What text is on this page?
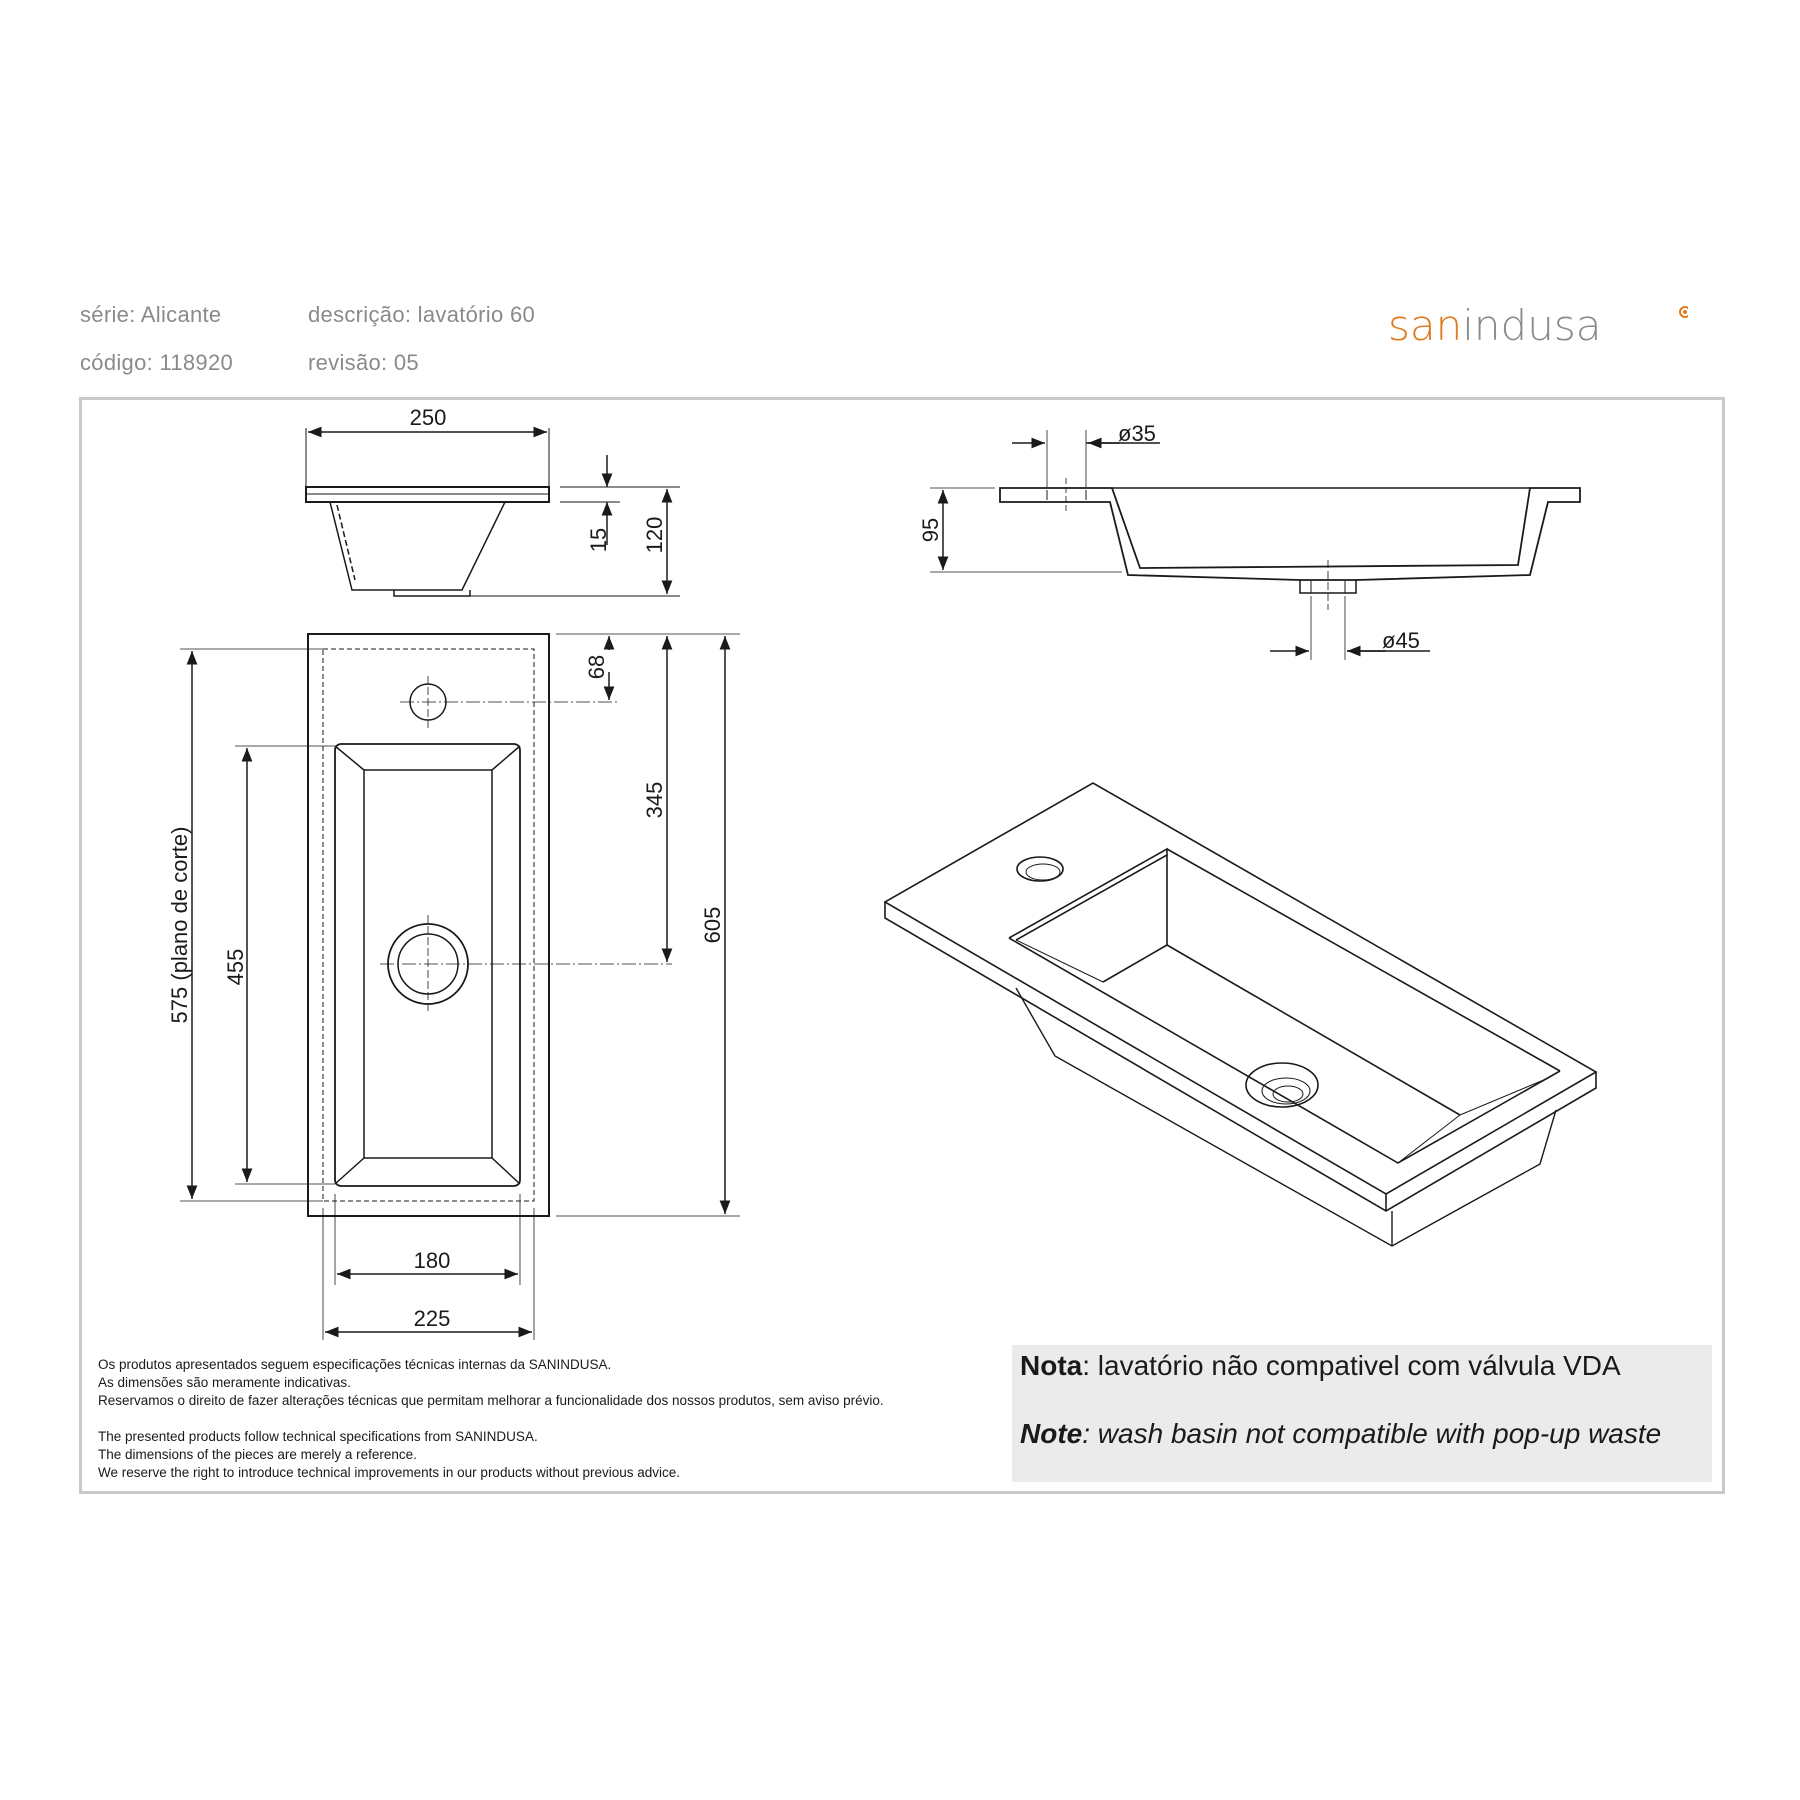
série: Alicante	descrição: lavatório 60
código: 118920	revisão: 05
sanindusa
250
15 120
575 (plano de corte) 455
68
345
605
180
225
ø35
95
ø45
Os produtos apresentados seguem especificações técnicas internas da SANINDUSA.
As dimensões são meramente indicativas.
Reservamos o direito de fazer alterações técnicas que permitam melhorar a funcionalidade dos nossos produtos, sem aviso prévio.
The presented products follow technical specifications from SANINDUSA.
The dimensions of the pieces are merely a reference.
We reserve the right to introduce technical improvements in our products without previous advice.
Nota: lavatório não compativel com válvula VDA
Note: wash basin not compatible with pop-up waste
